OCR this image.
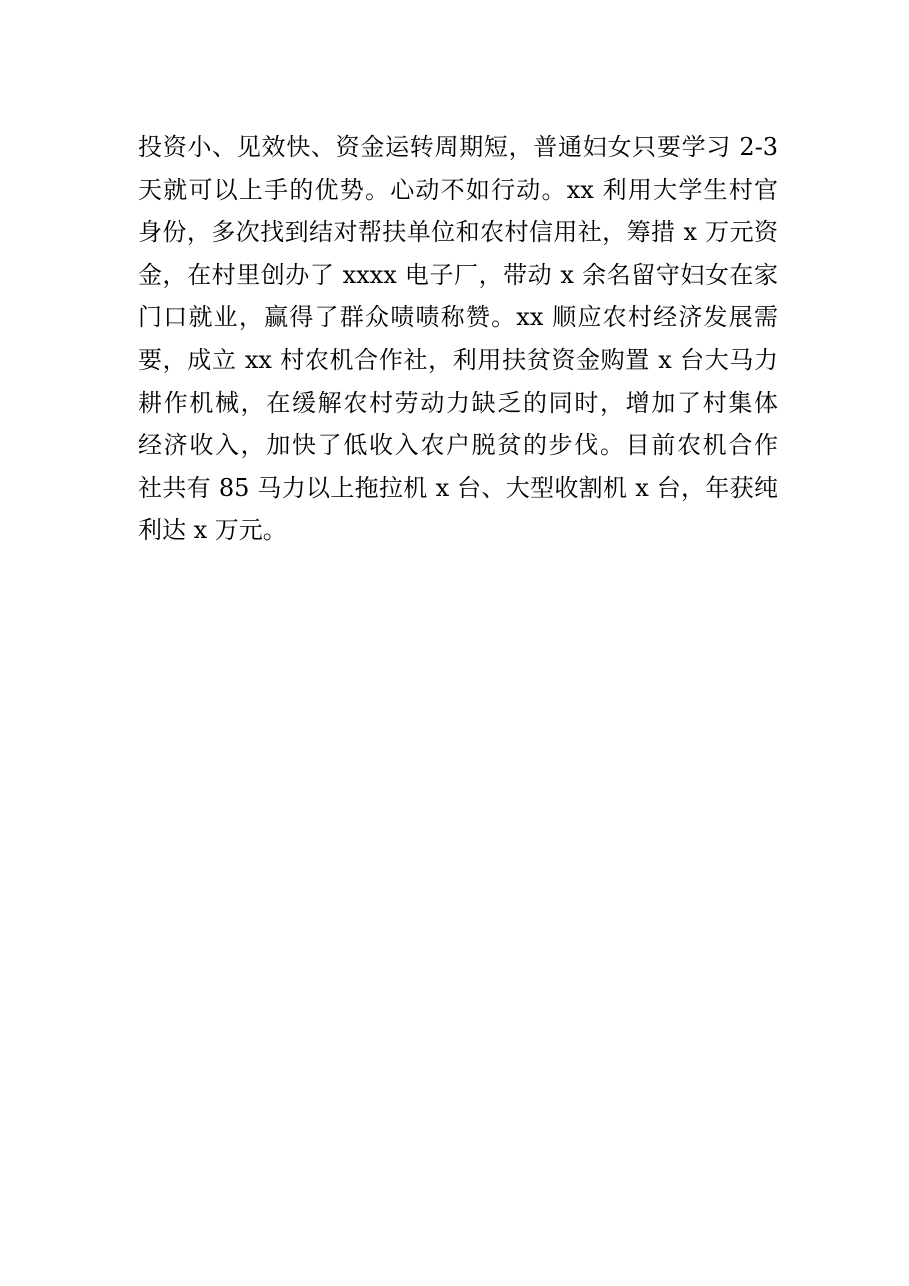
投资小、见效快、资金运转周期短，普通妇女只要学习 2-3
天就可以上手的优势。心动不如行动。xx 利用大学生村官
身份，多次找到结对帮扶单位和农村信用社，筹措 x 万元资
金，在村里创办了 xxxx 电子厂，带动 x 余名留守妇女在家
门口就业，赢得了群众啧啧称赞。xx 顺应农村经济发展需
要，成立 xx 村农机合作社，利用扶贫资金购置 x 台大马力
耕作机械，在缓解农村劳动力缺乏的同时，增加了村集体
经济收入，加快了低收入农户脱贫的步伐。目前农机合作
社共有 85 马力以上拖拉机 x 台、大型收割机 x 台，年获纯
利达 x 万元。
